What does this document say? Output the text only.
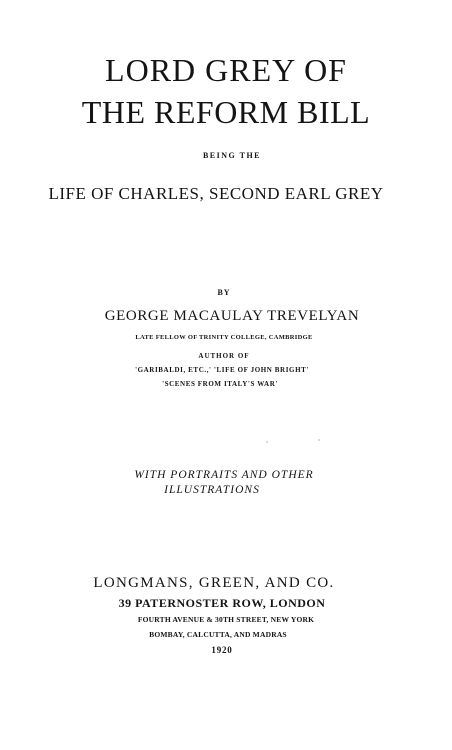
LORD GREY OF

THE REFORM BILL

BEING THE

LIFE OF CHARLES, SECOND EARL GREY

BY

GEORGE MACAULAY TREVELYAN

LATE FELLOW OF TRINITY COLLEGE, CAMBRIDGE

AUTHOR OF

'GARIBALDI, ETC.,' 'LIFE OF JOHN BRIGHT'

'SCENES FROM ITALY'S WAR'

WITH PORTRAITS AND OTHER

ILLUSTRATIONS

LONGMANS, GREEN, AND CO.

39 PATERNOSTER ROW, LONDON

FOURTH AVENUE & 30TH STREET, NEW YORK

BOMBAY, CALCUTTA, AND MADRAS

1920
